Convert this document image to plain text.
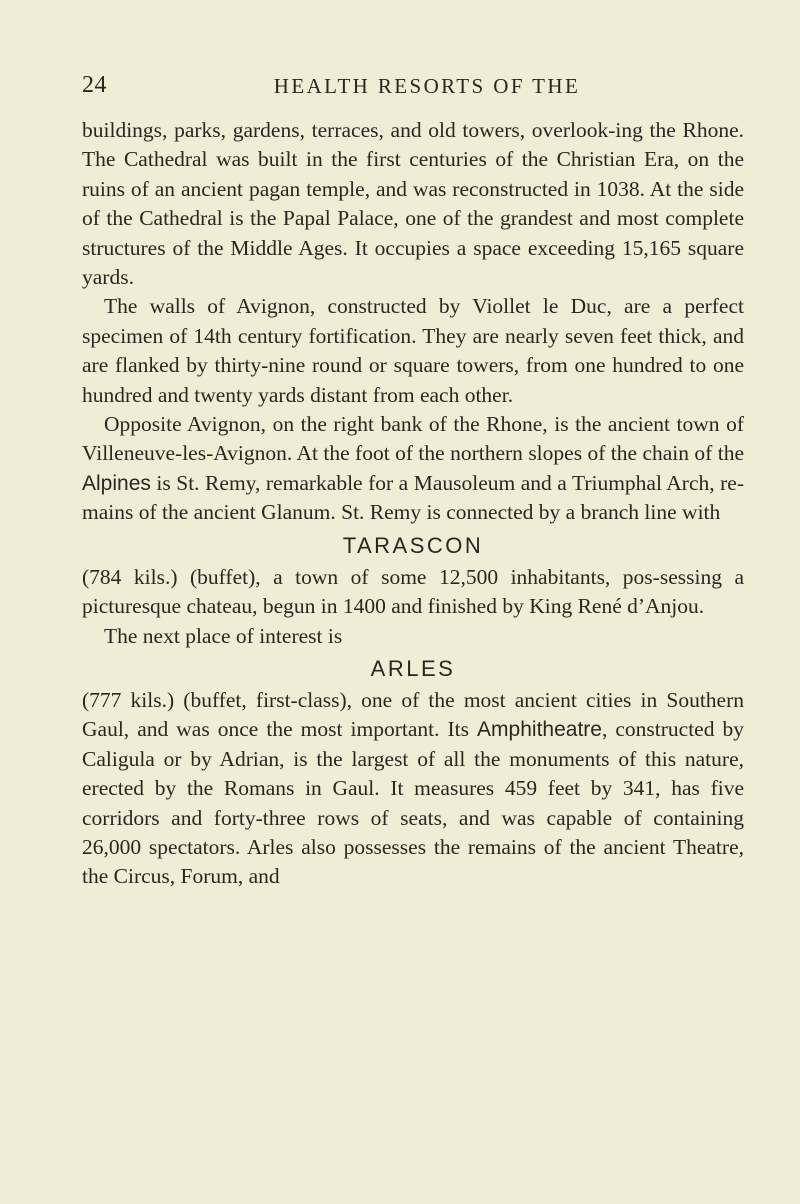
24	HEALTH RESORTS OF THE

buildings, parks, gardens, terraces, and old towers, overlook-ing the Rhone. The Cathedral was built in the first centuries of the Christian Era, on the ruins of an ancient pagan temple, and was reconstructed in 1038. At the side of the Cathedral is the Papal Palace, one of the grandest and most complete structures of the Middle Ages. It occupies a space exceeding 15,165 square yards.

The walls of Avignon, constructed by Viollet le Duc, are a perfect specimen of 14th century fortification. They are nearly seven feet thick, and are flanked by thirty-nine round or square towers, from one hundred to one hundred and twenty yards distant from each other.

Opposite Avignon, on the right bank of the Rhone, is the ancient town of Villeneuve-les-Avignon. At the foot of the northern slopes of the chain of the Alpines is St. Remy, remarkable for a Mausoleum and a Triumphal Arch, re-mains of the ancient Glanum. St. Remy is connected by a branch line with

TARASCON

(784 kils.) (buffet), a town of some 12,500 inhabitants, pos-sessing a picturesque chateau, begun in 1400 and finished by King René d’Anjou.

The next place of interest is

ARLES

(777 kils.) (buffet, first-class), one of the most ancient cities in Southern Gaul, and was once the most important. Its Amphitheatre, constructed by Caligula or by Adrian, is the largest of all the monuments of this nature, erected by the Romans in Gaul. It measures 459 feet by 341, has five corridors and forty-three rows of seats, and was capable of containing 26,000 spectators. Arles also possesses the remains of the ancient Theatre, the Circus, Forum, and
